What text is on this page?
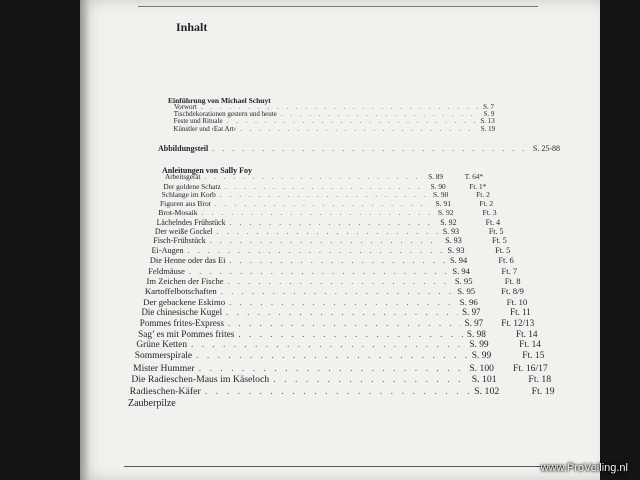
Inhalt
Einführung von Michael Schuyt
Vorwort . . .	S. 7
Tischdekorationen gestern und heute . . .	S. 9
Feste und Rituale . . .	S. 13
Künstler und ›Eat Art‹ . . .	S. 19
Abbildungsteil . . .	S. 25-88
Anleitungen von Sally Foy
Arbeitsgerät . . .	S. 89	T. 64*
Der goldene Schatz . . .	S. 90	Ft. 1*
Schlange im Korb . . .	S. 90	Ft. 2
Figuren aus Brot . . .	S. 91	Ft. 2
Brot-Mosaik . . .	S. 92	Ft. 3
Lächelndes Frühstück . . .	S. 92	Ft. 4
Der weiße Gockel . . .	S. 93	Ft. 5
Fisch-Frühstück . . .	S. 93	Ft. 5
Ei-Augen . . .	S. 93	Ft. 5
Die Henne oder das Ei . . .	S. 94	Ft. 6
Feldmäuse . . .	S. 94	Ft. 7
Im Zeichen der Fische . . .	S. 95	Ft. 8
Kartoffelbotschaften . . .	S. 95	Ft. 8/9
Der gebackene Eskimo . . .	S. 96	Ft. 10
Die chinesische Kugel . . .	S. 97	Ft. 11
Pommes frites-Express . . .	S. 97	Ft. 12/13
Sag’ es mit Pommes frites . . .	S. 98	Ft. 14
Grüne Ketten . . .	S. 99	Ft. 14
Sommerspirale . . .	S. 99	Ft. 15
Mister Hummer . . .	S. 100	Ft. 16/17
Die Radieschen-Maus im Käseloch . . .	S. 101	Ft. 18
Radieschen-Käfer . . .	S. 102	Ft. 19
Zauberpilze
www.ProVeiling.nl
